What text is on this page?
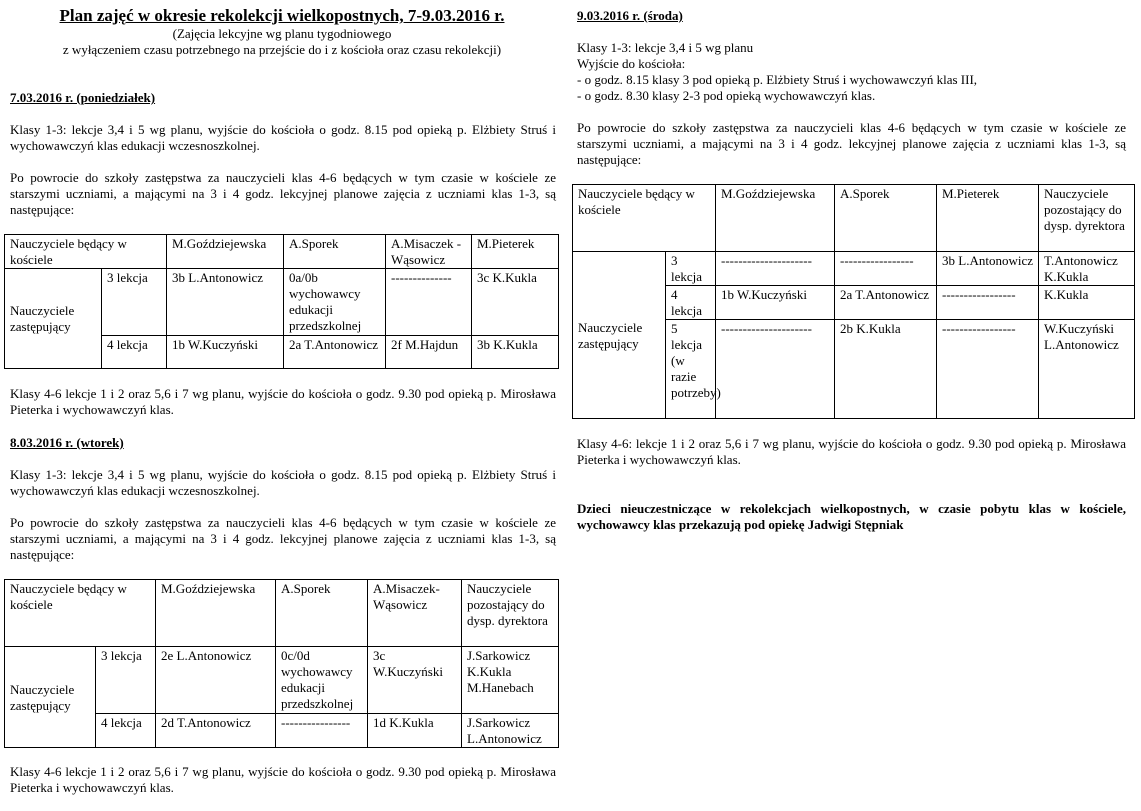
Plan zajęć w okresie rekolekcji wielkopostnych, 7-9.03.2016 r.
(Zajęcia lekcyjne wg planu tygodniowego
z wyłączeniem czasu potrzebnego na przejście do i z kościoła oraz czasu rekolekcji)
7.03.2016 r. (poniedziałek)

Klasy 1-3: lekcje 3,4 i 5 wg planu, wyjście do kościoła o godz. 8.15 pod opieką p. Elżbiety Struś i wychowawczyń klas edukacji wczesnoszkolnej.

Po powrocie do szkoły zastępstwa za nauczycieli klas 4-6 będących w tym czasie w kościele ze starszymi uczniami, a mającymi na 3 i 4 godz. lekcyjnej planowe zajęcia z uczniami klas 1-3, są następujące:

Nauczyciele będący w kościele		M.Goździejewska	A.Sporek	A.Misaczek -Wąsowicz	M.Pieterek
Nauczyciele zastępujący	3 lekcja	3b L.Antonowicz	0a/0b wychowawcy edukacji przedszkolnej	--------------	3c K.Kukla
	4 lekcja	1b W.Kuczyński	2a T.Antonowicz	2f M.Hajdun	3b K.Kukla

Klasy 4-6 lekcje 1 i 2 oraz 5,6 i 7 wg planu, wyjście do kościoła o godz. 9.30 pod opieką p. Mirosława Pieterka i wychowawczyń klas.

8.03.2016 r. (wtorek)

Klasy 1-3: lekcje 3,4 i 5 wg planu, wyjście do kościoła o godz. 8.15 pod opieką p. Elżbiety Struś i wychowawczyń klas edukacji wczesnoszkolnej.

Po powrocie do szkoły zastępstwa za nauczycieli klas 4-6 będących w tym czasie w kościele ze starszymi uczniami, a mającymi na 3 i 4 godz. lekcyjnej planowe zajęcia z uczniami klas 1-3, są następujące:

Nauczyciele będący w kościele		M.Goździejewska	A.Sporek	A.Misaczek-Wąsowicz	Nauczyciele pozostający do dysp. dyrektora
Nauczyciele zastępujący	3 lekcja	2e L.Antonowicz	0c/0d wychowawcy edukacji przedszkolnej	3c W.Kuczyński	J.Sarkowicz K.Kukla M.Hanebach
	4 lekcja	2d T.Antonowicz	----------------	1d K.Kukla	J.Sarkowicz L.Antonowicz

Klasy 4-6 lekcje 1 i 2 oraz 5,6 i 7 wg planu, wyjście do kościoła o godz. 9.30 pod opieką p. Mirosława Pieterka i wychowawczyń klas.

9.03.2016 r. (środa)

Klasy 1-3: lekcje 3,4 i 5 wg planu

Wyjście do kościoła:

- o godz. 8.15 klasy 3 pod opieką p. Elżbiety Struś i wychowawczyń klas III,

- o godz. 8.30 klasy 2-3 pod opieką wychowawczyń klas.

Po powrocie do szkoły zastępstwa za nauczycieli klas 4-6 będących w tym czasie w kościele ze starszymi uczniami, a mającymi na 3 i 4 godz. lekcyjnej planowe zajęcia z uczniami klas 1-3, są następujące:

Nauczyciele będący w kościele		M.Goździejewska	A.Sporek	M.Pieterek	Nauczyciele pozostający do dysp. dyrektora
Nauczyciele zastępujący	3 lekcja	---------------------	-----------------	3b L.Antonowicz	T.Antonowicz K.Kukla
	4 lekcja	1b W.Kuczyński	2a T.Antonowicz	-----------------	K.Kukla
	5 lekcja (w razie potrzeby)	---------------------	2b K.Kukla	-----------------	W.Kuczyński L.Antonowicz

Klasy 4-6: lekcje 1 i 2 oraz 5,6 i 7 wg planu, wyjście do kościoła o godz. 9.30 pod opieką p. Mirosława Pieterka i wychowawczyń klas.

Dzieci nieuczestniczące w rekolekcjach wielkopostnych, w czasie pobytu klas w kościele, wychowawcy klas przekazują pod opiekę Jadwigi Stępniak
